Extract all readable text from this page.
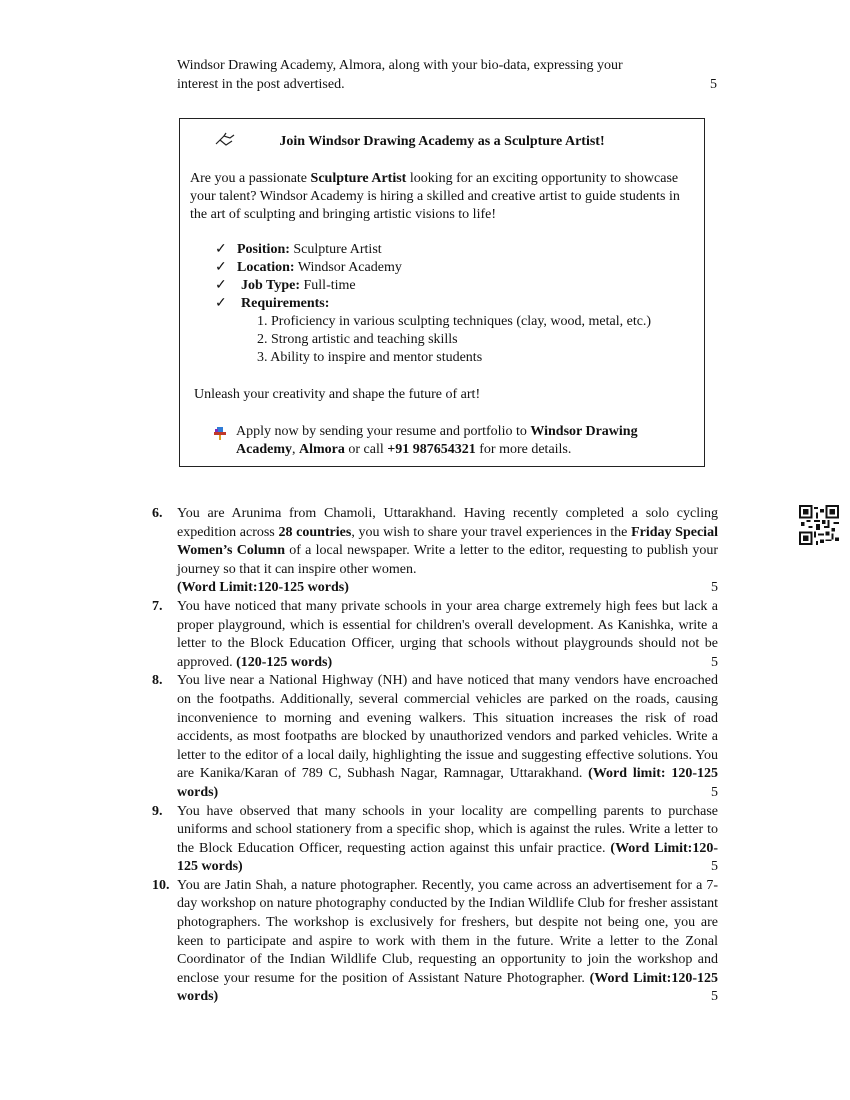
Windsor Drawing Academy, Almora, along with your bio-data, expressing your
interest in the post advertised.	5
Join Windsor Drawing Academy as a Sculpture Artist!
Are you a passionate Sculpture Artist looking for an exciting opportunity to showcase your talent? Windsor Academy is hiring a skilled and creative artist to guide students in the art of sculpting and bringing artistic visions to life!
✓ Position: Sculpture Artist
✓ Location: Windsor Academy
✓ Job Type: Full-time
✓ Requirements:
1. Proficiency in various sculpting techniques (clay, wood, metal, etc.)
2. Strong artistic and teaching skills
3. Ability to inspire and mentor students
Unleash your creativity and shape the future of art!
Apply now by sending your resume and portfolio to Windsor Drawing Academy, Almora or call +91 987654321 for more details.
6. You are Arunima from Chamoli, Uttarakhand. Having recently completed a solo cycling expedition across 28 countries, you wish to share your travel experiences in the Friday Special Women’s Column of a local newspaper. Write a letter to the editor, requesting to publish your journey so that it can inspire other women.
(Word Limit:120-125 words)	5
7. You have noticed that many private schools in your area charge extremely high fees but lack a proper playground, which is essential for children's overall development. As Kanishka, write a letter to the Block Education Officer, urging that schools without playgrounds should not be approved. (120-125 words)	5
8. You live near a National Highway (NH) and have noticed that many vendors have encroached on the footpaths. Additionally, several commercial vehicles are parked on the roads, causing inconvenience to morning and evening walkers. This situation increases the risk of road accidents, as most footpaths are blocked by unauthorized vendors and parked vehicles. Write a letter to the editor of a local daily, highlighting the issue and suggesting effective solutions. You are Kanika/Karan of 789 C, Subhash Nagar, Ramnagar, Uttarakhand. (Word limit: 120-125 words)	5
9. You have observed that many schools in your locality are compelling parents to purchase uniforms and school stationery from a specific shop, which is against the rules. Write a letter to the Block Education Officer, requesting action against this unfair practice. (Word Limit:120-125 words)	5
10. You are Jatin Shah, a nature photographer. Recently, you came across an advertisement for a 7-day workshop on nature photography conducted by the Indian Wildlife Club for fresher assistant photographers. The workshop is exclusively for freshers, but despite not being one, you are keen to participate and aspire to work with them in the future. Write a letter to the Zonal Coordinator of the Indian Wildlife Club, requesting an opportunity to join the workshop and enclose your resume for the position of Assistant Nature Photographer. (Word Limit:120-125 words)	5
